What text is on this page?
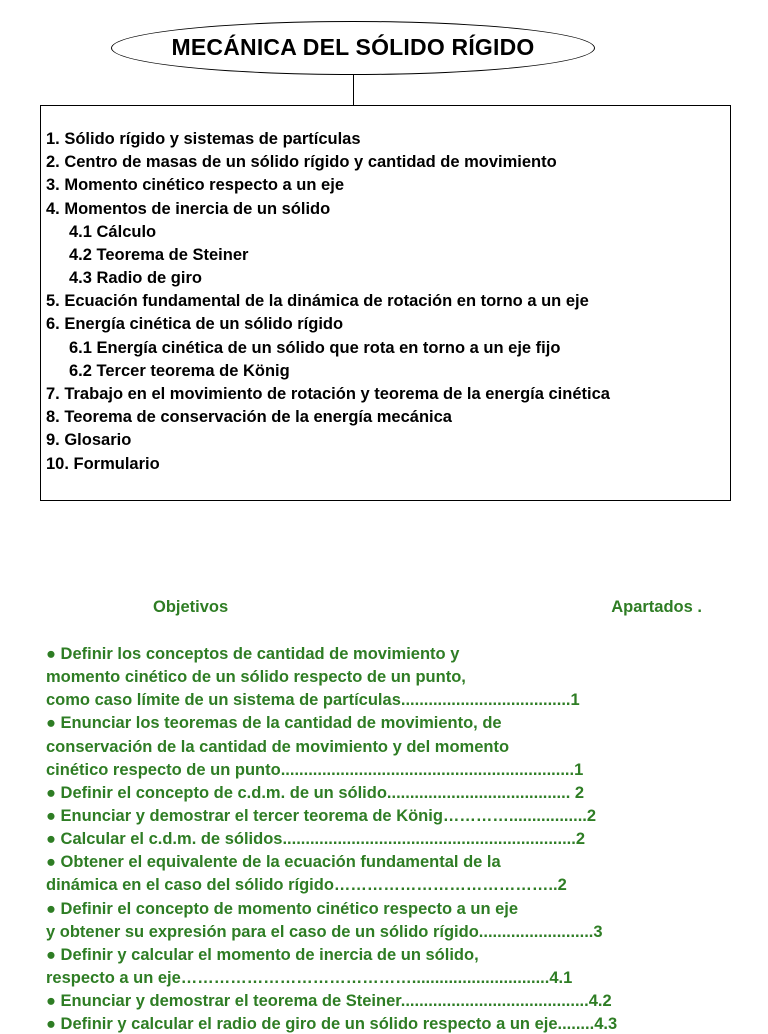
MECÁNICA DEL SÓLIDO RÍGIDO
1. Sólido rígido y sistemas de partículas
2. Centro de masas de un sólido rígido y cantidad de movimiento
3. Momento cinético respecto a un eje
4. Momentos de inercia de un sólido
4.1 Cálculo
4.2 Teorema de Steiner
4.3 Radio de giro
5. Ecuación fundamental de la dinámica de rotación en torno a un eje
6. Energía cinética de un sólido rígido
6.1 Energía cinética de un sólido que rota en torno a un eje fijo
6.2 Tercer teorema de König
7. Trabajo en el movimiento de rotación y teorema de la energía cinética
8. Teorema de conservación de la energía mecánica
9. Glosario
10. Formulario
Objetivos	Apartados .
● Definir los conceptos de cantidad de movimiento y
momento cinético de un sólido respecto de un punto,
como caso límite de un sistema de partículas.....................................1
● Enunciar los teoremas de la cantidad de movimiento, de
conservación de la cantidad de movimiento y del momento
cinético respecto de un punto................................................................1
● Definir el concepto de c.d.m. de un sólido........................................ 2
● Enunciar y demostrar el tercer teorema de König………….................2
● Calcular el c.d.m. de sólidos................................................................2
● Obtener el equivalente de la ecuación fundamental de la
dinámica en el caso del sólido rígido…………………………………..2
● Definir el concepto de momento cinético respecto a un eje
y obtener su expresión para el caso de un sólido rígido.........................3
● Definir y calcular el momento de inercia de un sólido,
respecto a un eje……………………………………..............................4.1
● Enunciar y demostrar el teorema de Steiner.........................................4.2
● Definir y calcular el radio de giro de un sólido respecto a un eje........4.3
